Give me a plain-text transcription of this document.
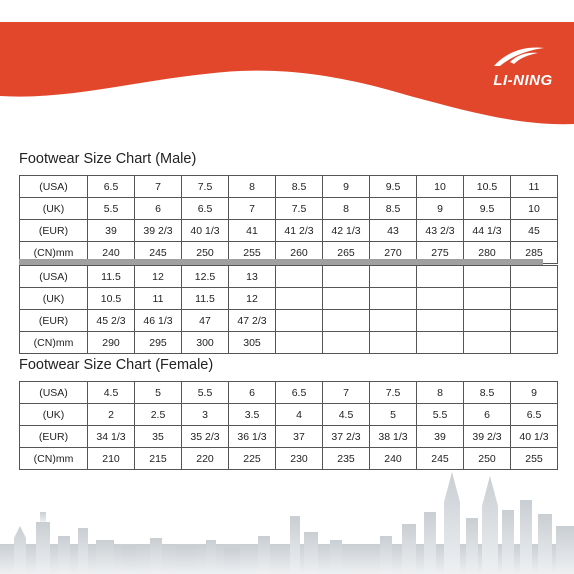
LI-NING
Footwear Size Chart (Male)
(USA)	6.5	7	7.5	8	8.5	9	9.5	10	10.5	11
(UK)	5.5	6	6.5	7	7.5	8	8.5	9	9.5	10
(EUR)	39	39 2/3	40 1/3	41	41 2/3	42 1/3	43	43 2/3	44 1/3	45
(CN)mm	240	245	250	255	260	265	270	275	280	285
(USA)	11.5	12	12.5	13						
(UK)	10.5	11	11.5	12						
(EUR)	45 2/3	46 1/3	47	47 2/3						
(CN)mm	290	295	300	305						
Footwear Size Chart (Female)
(USA)	4.5	5	5.5	6	6.5	7	7.5	8	8.5	9
(UK)	2	2.5	3	3.5	4	4.5	5	5.5	6	6.5
(EUR)	34 1/3	35	35 2/3	36 1/3	37	37 2/3	38 1/3	39	39 2/3	40 1/3
(CN)mm	210	215	220	225	230	235	240	245	250	255
